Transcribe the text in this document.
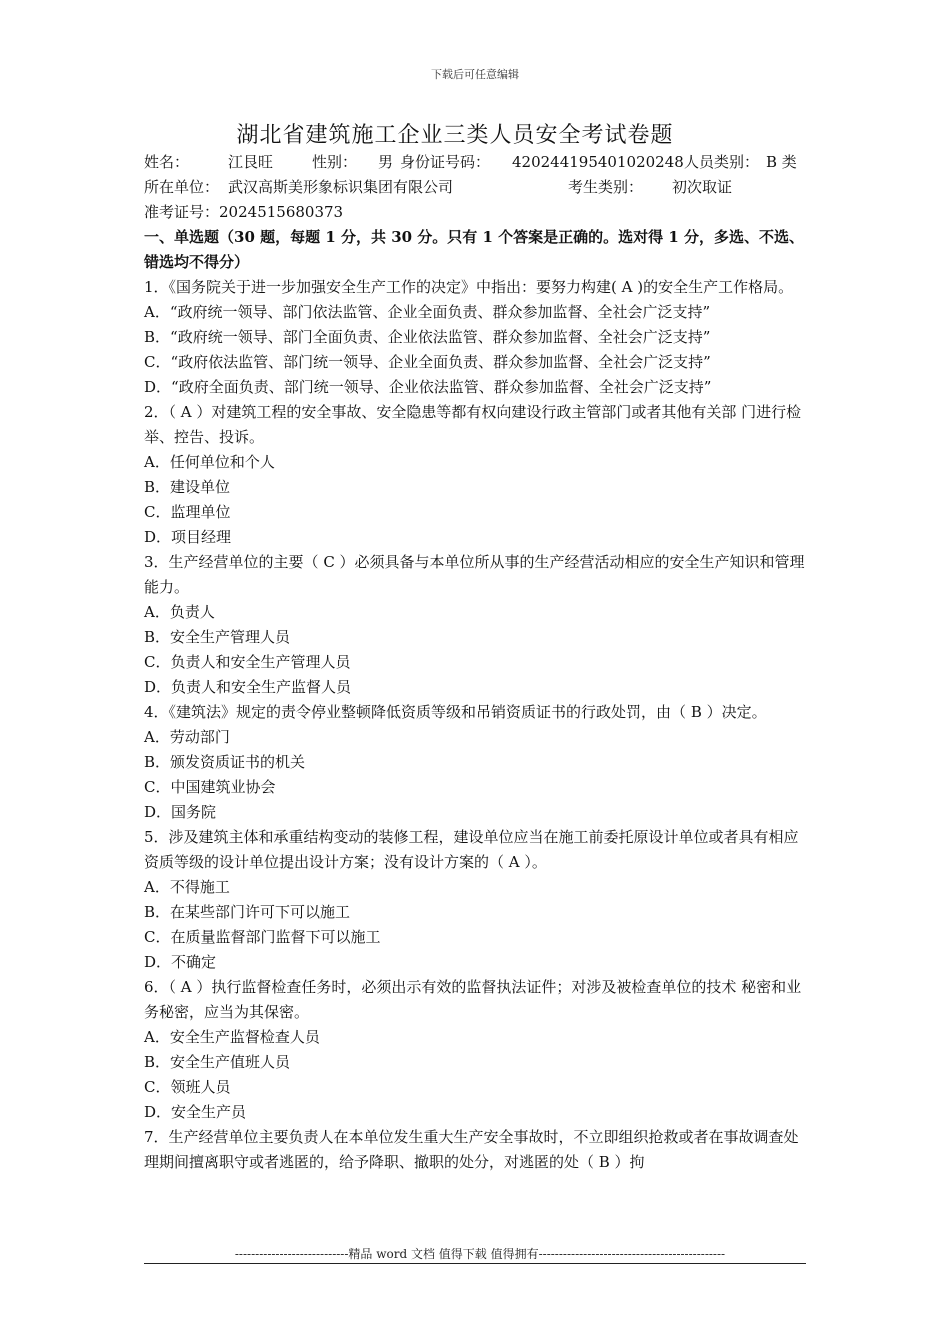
下载后可任意编辑
湖北省建筑施工企业三类人员安全考试卷题
姓名：	江艮旺	性别： 男 身份证号码： 420244195401020248人员类别： B 类
所在单位： 武汉高斯美形象标识集团有限公司	考生类别： 初次取证
准考证号：2024515680373
一、单选题（30 题，每题 1 分，共 30 分。只有 1 个答案是正确的。选对得 1 分，多选、不选、错选均不得分）
1．《国务院关于进一步加强安全生产工作的决定》中指出：要努力构建( A )的安全生产工作格局。
A．“政府统一领导、部门依法监管、企业全面负责、群众参加监督、全社会广泛支持”
B．“政府统一领导、部门全面负责、企业依法监管、群众参加监督、全社会广泛支持”
C．“政府依法监管、部门统一领导、企业全面负责、群众参加监督、全社会广泛支持”
D．“政府全面负责、部门统一领导、企业依法监管、群众参加监督、全社会广泛支持”
2．（ A ）对建筑工程的安全事故、安全隐患等都有权向建设行政主管部门或者其他有关部 门进行检举、控告、投诉。
A．任何单位和个人
B．建设单位
C．监理单位
D．项目经理
3．生产经营单位的主要（ C ）必须具备与本单位所从事的生产经营活动相应的安全生产知识和管理能力。
A．负责人
B．安全生产管理人员
C．负责人和安全生产管理人员
D．负责人和安全生产监督人员
4．《建筑法》规定的责令停业整顿降低资质等级和吊销资质证书的行政处罚，由（ B ）决定。
A．劳动部门
B．颁发资质证书的机关
C．中国建筑业协会
D．国务院
5．涉及建筑主体和承重结构变动的装修工程，建设单位应当在施工前委托原设计单位或者具有相应资质等级的设计单位提出设计方案；没有设计方案的（ A ）。
A．不得施工
B．在某些部门许可下可以施工
C．在质量监督部门监督下可以施工
D．不确定
6．（ A ）执行监督检查任务时，必须出示有效的监督执法证件；对涉及被检查单位的技术 秘密和业务秘密，应当为其保密。
A．安全生产监督检查人员
B．安全生产值班人员
C．领班人员
D．安全生产员
7．生产经营单位主要负责人在本单位发生重大生产安全事故时，不立即组织抢救或者在事故调查处理期间擅离职守或者逃匿的，给予降职、撤职的处分，对逃匿的处（ B ）拘
----------------------------精品 word 文档 值得下载 值得拥有----------------------------------------------
